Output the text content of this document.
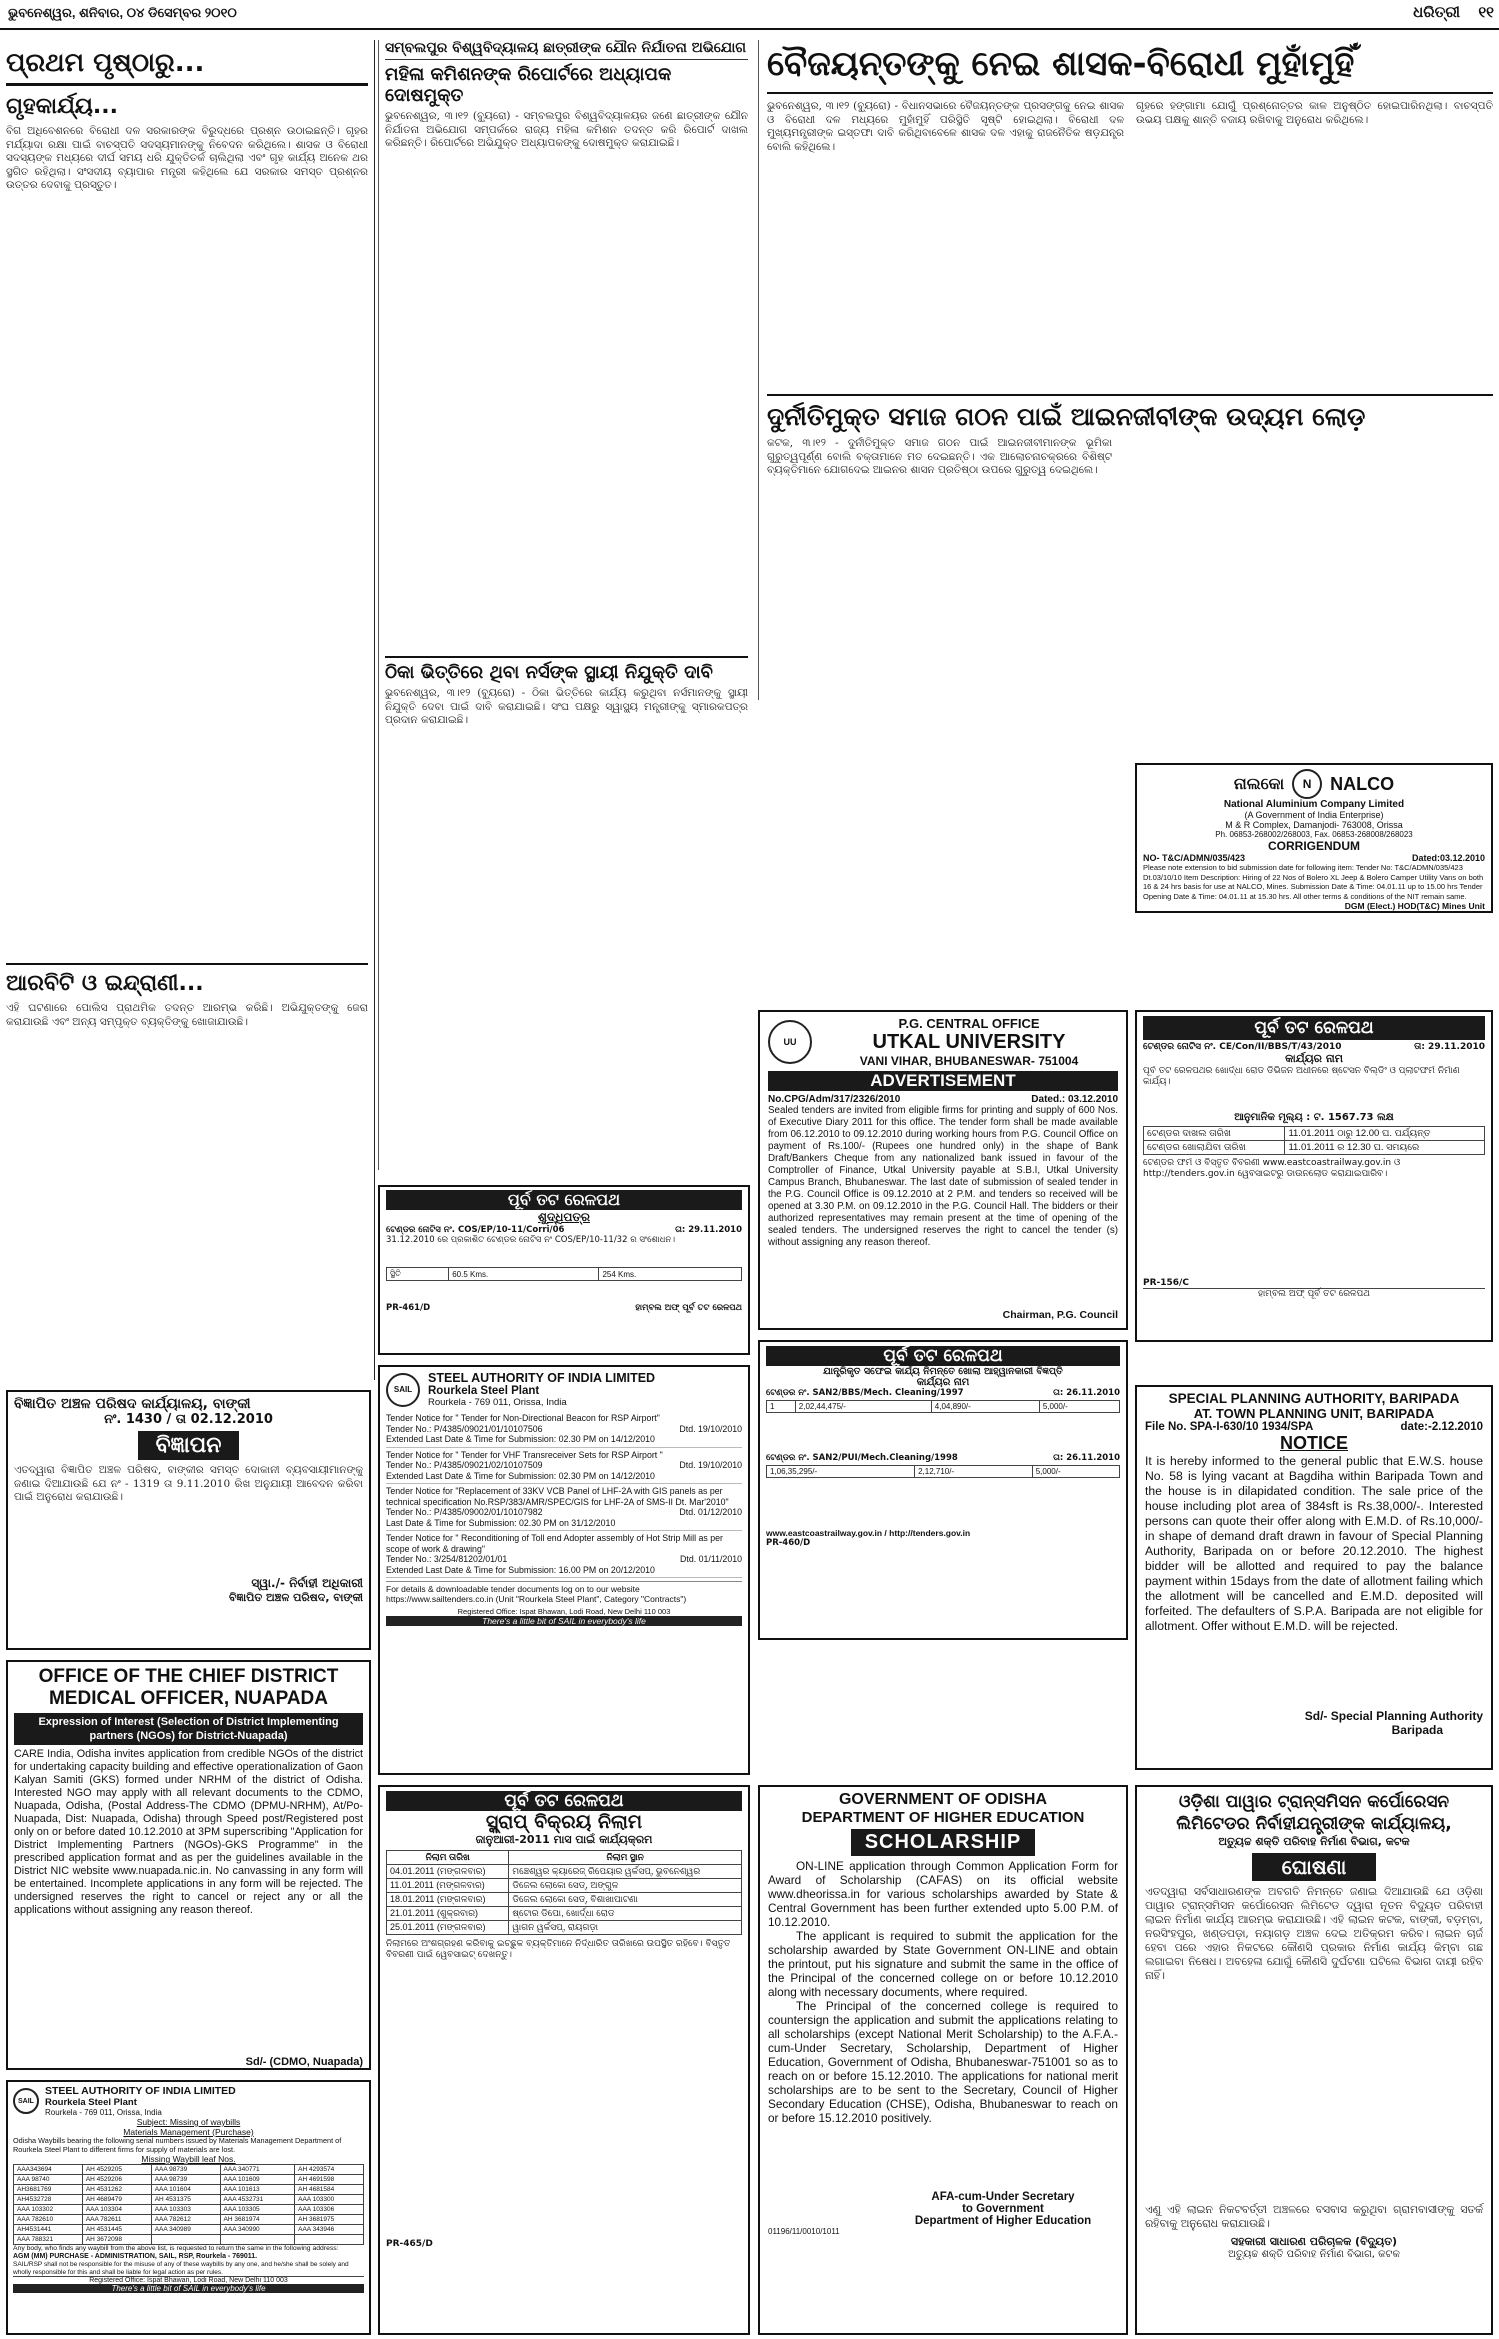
ଭୁବନେଶ୍ୱର, ଶନିବାର, ୦୪ ଡିସେମ୍ବର ୨୦୧୦	ଧରିତ୍ରୀ	୧୧
ପ୍ରଥମ ପୃଷ୍ଠାରୁ...
ଗୃହକାର୍ଯ୍ୟ...
ବିଗ ଅଧିବେଶନରେ ବିରୋଧୀ ଦଳ ସରକାରଙ୍କ ବିରୁଦ୍ଧରେ ପ୍ରଶ୍ନ ଉଠାଇଛନ୍ତି। ଗୃହର ମର୍ଯ୍ୟାଦା ରକ୍ଷା ପାଇଁ ବାଚସ୍ପତି ସଦସ୍ୟମାନଙ୍କୁ ନିବେଦନ କରିଥିଲେ। ଶାସକ ଓ ବିରୋଧୀ ସଦସ୍ୟଙ୍କ ମଧ୍ୟରେ ଦୀର୍ଘ ସମୟ ଧରି ଯୁକ୍ତିତର୍କ ଚାଲିଥିଲା ଏବଂ ଗୃହ କାର୍ଯ୍ୟ ଅନେକ ଥର ସ୍ଥଗିତ ରହିଥିଲା। ସଂସଦୀୟ ବ୍ୟାପାର ମନ୍ତ୍ରୀ କହିଥିଲେ ଯେ ସରକାର ସମସ୍ତ ପ୍ରଶ୍ନର ଉତ୍ତର ଦେବାକୁ ପ୍ରସ୍ତୁତ।
ଆରବିଟି ଓ ଇନ୍ଦ୍ରାଣୀ...
ଏହି ଘଟଣାରେ ପୋଲିସ ପ୍ରାଥମିକ ତଦନ୍ତ ଆରମ୍ଭ କରିଛି। ଅଭିଯୁକ୍ତଙ୍କୁ ଜେରା କରାଯାଉଛି ଏବଂ ଅନ୍ୟ ସମ୍ପୃକ୍ତ ବ୍ୟକ୍ତିଙ୍କୁ ଖୋଜାଯାଉଛି।
ସମ୍ବଲପୁର ବିଶ୍ୱବିଦ୍ୟାଳୟ ଛାତ୍ରୀଙ୍କ ଯୌନ ନିର୍ଯାତନା ଅଭିଯୋଗ
ମହିଳା କମିଶନଙ୍କ ରିପୋର୍ଟରେ ଅଧ୍ୟାପକ ଦୋଷମୁକ୍ତ
ଭୁବନେଶ୍ୱର, ୩।୧୨ (ବ୍ୟୁରୋ) - ସମ୍ବଲପୁର ବିଶ୍ୱବିଦ୍ୟାଳୟର ଜଣେ ଛାତ୍ରୀଙ୍କ ଯୌନ ନିର୍ଯାତନା ଅଭିଯୋଗ ସମ୍ପର୍କରେ ରାଜ୍ୟ ମହିଳା କମିଶନ ତଦନ୍ତ କରି ରିପୋର୍ଟ ଦାଖଲ କରିଛନ୍ତି। ରିପୋର୍ଟରେ ଅଭିଯୁକ୍ତ ଅଧ୍ୟାପକଙ୍କୁ ଦୋଷମୁକ୍ତ କରାଯାଇଛି।
ଠିକା ଭିତ୍ତିରେ ଥିବା ନର୍ସଙ୍କ ସ୍ଥାୟୀ ନିଯୁକ୍ତି ଦାବି
ଭୁବନେଶ୍ୱର, ୩।୧୨ (ବ୍ୟୁରୋ) - ଠିକା ଭିତ୍ତିରେ କାର୍ଯ୍ୟ କରୁଥିବା ନର୍ସମାନଙ୍କୁ ସ୍ଥାୟୀ ନିଯୁକ୍ତି ଦେବା ପାଇଁ ଦାବି କରାଯାଇଛି। ସଂଘ ପକ୍ଷରୁ ସ୍ୱାସ୍ଥ୍ୟ ମନ୍ତ୍ରୀଙ୍କୁ ସ୍ମାରକପତ୍ର ପ୍ରଦାନ କରାଯାଇଛି।
ବୈଜୟନ୍ତଙ୍କୁ ନେଇ ଶାସକ-ବିରୋଧୀ ମୁହାଁମୁହିଁ
ଭୁବନେଶ୍ୱର, ୩।୧୨ (ବ୍ୟୁରୋ) - ବିଧାନସଭାରେ ବୈଜୟନ୍ତଙ୍କ ପ୍ରସଙ୍ଗକୁ ନେଇ ଶାସକ ଓ ବିରୋଧୀ ଦଳ ମଧ୍ୟରେ ମୁହାଁମୁହିଁ ପରିସ୍ଥିତି ସୃଷ୍ଟି ହୋଇଥିଲା। ବିରୋଧୀ ଦଳ ମୁଖ୍ୟମନ୍ତ୍ରୀଙ୍କ ଇସ୍ତଫା ଦାବି କରିଥିବାବେଳେ ଶାସକ ଦଳ ଏହାକୁ ରାଜନୈତିକ ଷଡ଼ଯନ୍ତ୍ର ବୋଲି କହିଥିଲେ।
ଗୃହରେ ହଙ୍ଗାମା ଯୋଗୁଁ ପ୍ରଶ୍ନୋତ୍ତର କାଳ ଅନୁଷ୍ଠିତ ହୋଇପାରିନଥିଲା। ବାଚସ୍ପତି ଉଭୟ ପକ୍ଷକୁ ଶାନ୍ତି ବଜାୟ ରଖିବାକୁ ଅନୁରୋଧ କରିଥିଲେ।
ଦୁର୍ନୀତିମୁକ୍ତ ସମାଜ ଗଠନ ପାଇଁ ଆଇନଜୀବୀଙ୍କ ଉଦ୍ୟମ ଲୋଡ଼
କଟକ, ୩।୧୨ - ଦୁର୍ନୀତିମୁକ୍ତ ସମାଜ ଗଠନ ପାଇଁ ଆଇନଜୀବୀମାନଙ୍କ ଭୂମିକା ଗୁରୁତ୍ୱପୂର୍ଣ୍ଣ ବୋଲି ବକ୍ତାମାନେ ମତ ଦେଇଛନ୍ତି। ଏକ ଆଲୋଚନାଚକ୍ରରେ ବିଶିଷ୍ଟ ବ୍ୟକ୍ତିମାନେ ଯୋଗଦେଇ ଆଇନର ଶାସନ ପ୍ରତିଷ୍ଠା ଉପରେ ଗୁରୁତ୍ୱ ଦେଇଥିଲେ।
ନାଲକୋ	N	NALCO
National Aluminium Company Limited
(A Government of India Enterprise)
M & R Complex, Damanjodi- 763008, Orissa
Ph. 06853-268002/268003, Fax. 06853-268008/268023
CORRIGENDUM
NO- T&C/ADMN/035/423	Dated:03.12.2010
Please note extension to bid submission date for following item: Tender No: T&C/ADMN/035/423 Dt.03/10/10 Item Description: Hiring of 22 Nos of Bolero XL Jeep & Bolero Camper Utility Vans on both 16 & 24 hrs basis for use at NALCO, Mines. Submission Date & Time: 04.01.11 up to 15.00 hrs Tender Opening Date & Time: 04.01.11 at 15.30 hrs. All other terms & conditions of the NIT remain same.
DGM (Elect.) HOD(T&C) Mines Unit
UU
P.G. CENTRAL OFFICE
UTKAL UNIVERSITY
VANI VIHAR, BHUBANESWAR- 751004
ADVERTISEMENT
No.CPG/Adm/317/2326/2010	Dated.: 03.12.2010
Sealed tenders are invited from eligible firms for printing and supply of 600 Nos. of Executive Diary 2011 for this office. The tender form shall be made available from 06.12.2010 to 09.12.2010 during working hours from P.G. Council Office on payment of Rs.100/- (Rupees one hundred only) in the shape of Bank Draft/Bankers Cheque from any nationalized bank issued in favour of the Comptroller of Finance, Utkal University payable at S.B.I, Utkal University Campus Branch, Bhubaneswar. The last date of submission of sealed tender in the P.G. Council Office is 09.12.2010 at 2 P.M. and tenders so received will be opened at 3.30 P.M. on 09.12.2010 in the P.G. Council Hall. The bidders or their authorized representatives may remain present at the time of opening of the sealed tenders. The undersigned reserves the right to cancel the tender (s) without assigning any reason thereof.
Chairman, P.G. Council
ପୂର୍ବ ତଟ ରେଳପଥ
ଟେଣ୍ଡର ନୋଟିସ ନଂ. CE/Con/II/BBS/T/43/2010	ତା: 29.11.2010
କାର୍ଯ୍ୟର ନାମ
ପୂର୍ବ ତଟ ରେଳପଥର ଖୋର୍ଦ୍ଧା ରୋଡ ଡିଭିଜନ ଅଧୀନରେ ଷ୍ଟେସନ ବିଲ୍ଡିଂ ଓ ପ୍ଲାଟଫର୍ମ ନିର୍ମାଣ କାର୍ଯ୍ୟ।
ଆନୁମାନିକ ମୂଲ୍ୟ : ଟ. 1567.73 ଲକ୍ଷ
ଟେଣ୍ଡର ଦାଖଲ ତାରିଖ	11.01.2011 ଠାରୁ 12.00 ଘ. ପର୍ଯ୍ୟନ୍ତ
ଟେଣ୍ଡର ଖୋଲାଯିବା ତାରିଖ	11.01.2011 ର 12.30 ଘ. ସମୟରେ
ଟେଣ୍ଡର ଫର୍ମ ଓ ବିସ୍ତୃତ ବିବରଣୀ www.eastcoastrailway.gov.in ଓ http://tenders.gov.in ୱେବସାଇଟରୁ ଡାଉନଲୋଡ କରାଯାଇପାରିବ।
PR-156/C
ହାମ୍ବଲ ଅଫ୍ ପୂର୍ବ ତଟ ରେଳପଥ
ବିଜ୍ଞାପିତ ଅଞ୍ଚଳ ପରିଷଦ କାର୍ଯ୍ୟାଳୟ, ବାଙ୍କୀ
ନଂ. 1430 / ତା 02.12.2010
ବିଜ୍ଞାପନ
ଏତଦ୍ୱାରା ବିଜ୍ଞାପିତ ଅଞ୍ଚଳ ପରିଷଦ, ବାଙ୍କୀର ସମସ୍ତ ଦୋକାନୀ ବ୍ୟବସାୟୀମାନଙ୍କୁ ଜଣାଇ ଦିଆଯାଉଛି ଯେ ନଂ - 1319 ତା 9.11.2010 ରିଖ ଅନୁଯାୟୀ ଆବେଦନ କରିବା ପାଇଁ ଅନୁରୋଧ କରାଯାଉଛି।
ସ୍ୱା./- ନିର୍ବାହୀ ଅଧିକାରୀ
ବିଜ୍ଞାପିତ ଅଞ୍ଚଳ ପରିଷଦ, ବାଙ୍କୀ
OFFICE OF THE CHIEF DISTRICT MEDICAL OFFICER, NUAPADA
Expression of Interest (Selection of District Implementing partners (NGOs) for District-Nuapada)
CARE India, Odisha invites application from credible NGOs of the district for undertaking capacity building and effective operationalization of Gaon Kalyan Samiti (GKS) formed under NRHM of the district of Odisha. Interested NGO may apply with all relevant documents to the CDMO, Nuapada, Odisha, (Postal Address-The CDMO (DPMU-NRHM), At/Po-Nuapada, Dist: Nuapada, Odisha) through Speed post/Registered post only on or before dated 10.12.2010 at 3PM superscribing "Application for District Implementing Partners (NGOs)-GKS Programme" in the prescribed application format and as per the guidelines available in the District NIC website www.nuapada.nic.in. No canvassing in any form will be entertained. Incomplete applications in any form will be rejected. The undersigned reserves the right to cancel or reject any or all the applications without assigning any reason thereof.
Sd/- (CDMO, Nuapada)
SAIL
STEEL AUTHORITY OF INDIA LIMITED
Rourkela Steel Plant
Rourkela - 769 011, Orissa, India
Subject: Missing of waybills
Materials Management (Purchase)
Odisha Waybills bearing the following serial numbers issued by Materials Management Department of Rourkela Steel Plant to different firms for supply of materials are lost.
Missing Waybill leaf Nos.
AAA343694	AH 4529205	AAA 98739	AAA 340771	AH 4293574
AAA 98740	AH 4529206	AAA 98739	AAA 101609	AH 4691598
AH3681769	AH 4531262	AAA 101604	AAA 101613	AH 4681584
AH4532728	AH 4689479	AH 4531375	AAA 4532731	AAA 103300
AAA 103302	AAA 103304	AAA 103303	AAA 103305	AAA 103306
AAA 782610	AAA 782611	AAA 782612	AH 3681974	AH 3681975
AH4531441	AH 4531445	AAA 340989	AAA 340990	AAA 343946
AAA 788321	AH 3672098			
Any body, who finds any waybill from the above list, is requested to return the same in the following address:
AGM (MM) PURCHASE - ADMINISTRATION, SAIL, RSP, Rourkela - 769011.
SAIL/RSP shall not be responsible for the misuse of any of these waybills by any one, and he/she shall be solely and wholly responsible for this and shall be liable for legal action as per rules.
Registered Office: Ispat Bhawan, Lodi Road, New Delhi 110 003
There's a little bit of SAIL in everybody's life
ପୂର୍ବ ତଟ ରେଳପଥ
ଶୁଦ୍ଧିପତ୍ର
ଟେଣ୍ଡର ନୋଟିସ ନଂ. COS/EP/10-11/Corri/06	ତା: 29.11.2010
31.12.2010 ରେ ପ୍ରକାଶିତ ଟେଣ୍ଡର ନୋଟିସ ନଂ COS/EP/10-11/32 ର ସଂଶୋଧନ।
ସ୍ଥିତି	60.5 Kms.	254 Kms.
PR-461/D	ହାମ୍ବଲ ଅଫ୍ ପୂର୍ବ ତଟ ରେଳପଥ
SAIL
STEEL AUTHORITY OF INDIA LIMITED
Rourkela Steel Plant
Rourkela - 769 011, Orissa, India
Tender Notice for " Tender for Non-Directional Beacon for RSP Airport"
Tender No.: P/4385/09021/01/10107506	Dtd. 19/10/2010
Extended Last Date & Time for Submission: 02.30 PM on 14/12/2010
Tender Notice for " Tender for VHF Transreceiver Sets for RSP Airport "
Tender No.: P/4385/09021/02/10107509	Dtd. 19/10/2010
Extended Last Date & Time for Submission: 02.30 PM on 14/12/2010
Tender Notice for "Replacement of 33KV VCB Panel of LHF-2A with GIS panels as per technical specification No.RSP/383/AMR/SPEC/GIS for LHF-2A of SMS-II Dt. Mar'2010"
Tender No.: P/4385/09002/01/10107982	Dtd. 01/12/2010
Last Date & Time for Submission: 02.30 PM on 31/12/2010
Tender Notice for " Reconditioning of Toll end Adopter assembly of Hot Strip Mill as per scope of work & drawing"
Tender No.: 3/254/81202/01/01	Dtd. 01/11/2010
Extended Last Date & Time for Submission: 16.00 PM on 20/12/2010
For details & downloadable tender documents log on to our website https://www.sailtenders.co.in (Unit "Rourkela Steel Plant", Category "Contracts")
Registered Office: Ispat Bhawan, Lodi Road, New Delhi 110 003
There's a little bit of SAIL in everybody's life
ପୂର୍ବ ତଟ ରେଳପଥ
ସ୍କ୍ରାପ୍ ବିକ୍ରୟ ନିଲାମ
ଜାନୁଆରୀ-2011 ମାସ ପାଇଁ କାର୍ଯ୍ୟକ୍ରମ
ନିଲାମ ତାରିଖ	ନିଲାମ ସ୍ଥାନ
04.01.2011 (ମଙ୍ଗଳବାର)	ମଞ୍ଚେଶ୍ୱର କ୍ୟାରେଜ୍ ରିପେୟାର ୱର୍କସପ୍, ଭୁବନେଶ୍ୱର
11.01.2011 (ମଙ୍ଗଳବାର)	ଡିଜେଲ ଲୋକୋ ସେଡ୍, ଅଙ୍ଗୁଳ
18.01.2011 (ମଙ୍ଗଳବାର)	ଡିଜେଲ ଲୋକୋ ସେଡ୍, ବିଶାଖାପାଟଣା
21.01.2011 (ଶୁକ୍ରବାର)	ଷ୍ଟୋର ଡିପୋ, ଖୋର୍ଦ୍ଧା ରୋଡ
25.01.2011 (ମଙ୍ଗଳବାର)	ୱାଗନ ୱର୍କସପ୍, ରାୟଗଡ଼ା
ନିଲାମରେ ଅଂଶଗ୍ରହଣ କରିବାକୁ ଇଚ୍ଛୁକ ବ୍ୟକ୍ତିମାନେ ନିର୍ଦ୍ଧାରିତ ତାରିଖରେ ଉପସ୍ଥିତ ରହିବେ। ବିସ୍ତୃତ ବିବରଣୀ ପାଇଁ ୱେବସାଇଟ୍ ଦେଖନ୍ତୁ।
PR-465/D
ପୂର୍ବ ତଟ ରେଳପଥ
ଯାନ୍ତ୍ରିକୃତ ସଫେଇ କାର୍ଯ୍ୟ ନିମନ୍ତେ ଖୋଲା ଆହ୍ୱାନକାରୀ ବିଜ୍ଞପ୍ତି
କାର୍ଯ୍ୟର ନାମ
ଟେଣ୍ଡର ନଂ. SAN2/BBS/Mech. Cleaning/1997	ତା: 26.11.2010
1	2,02,44,475/-	4,04,890/-	5,000/-
ଟେଣ୍ଡର ନଂ. SAN2/PUI/Mech.Cleaning/1998	ତା: 26.11.2010
1,06,35,295/-	2,12,710/-	5,000/-
www.eastcoastrailway.gov.in / http://tenders.gov.in
PR-460/D
SPECIAL PLANNING AUTHORITY, BARIPADA
AT. TOWN PLANNING UNIT, BARIPADA
File No. SPA-I-630/10 1934/SPA	date:-2.12.2010
NOTICE
It is hereby informed to the general public that E.W.S. house No. 58 is lying vacant at Bagdiha within Baripada Town and the house is in dilapidated condition. The sale price of the house including plot area of 384sft is Rs.38,000/-. Interested persons can quote their offer along with E.M.D. of Rs.10,000/- in shape of demand draft drawn in favour of Special Planning Authority, Baripada on or before 20.12.2010. The highest bidder will be allotted and required to pay the balance payment within 15days from the date of allotment failing which the allotment will be cancelled and E.M.D. deposited will forfeited. The defaulters of S.P.A. Baripada are not eligible for allotment. Offer without E.M.D. will be rejected.
Sd/- Special Planning Authority
Baripada
GOVERNMENT OF ODISHA
DEPARTMENT OF HIGHER EDUCATION
SCHOLARSHIP
ON-LINE application through Common Application Form for Award of Scholarship (CAFAS) on its official website www.dheorissa.in for various scholarships awarded by State & Central Government has been further extended upto 5.00 P.M. of 10.12.2010.
The applicant is required to submit the application for the scholarship awarded by State Government ON-LINE and obtain the printout, put his signature and submit the same in the office of the Principal of the concerned college on or before 10.12.2010 along with necessary documents, where required.
The Principal of the concerned college is required to countersign the application and submit the applications relating to all scholarships (except National Merit Scholarship) to the A.F.A.-cum-Under Secretary, Scholarship, Department of Higher Education, Government of Odisha, Bhubaneswar-751001 so as to reach on or before 15.12.2010. The applications for national merit scholarships are to be sent to the Secretary, Council of Higher Secondary Education (CHSE), Odisha, Bhubaneswar to reach on or before 15.12.2010 positively.
AFA-cum-Under Secretary
to Government
Department of Higher Education
01196/11/0010/1011
ଓଡ଼ିଶା ପାୱାର ଟ୍ରାନ୍ସମିସନ କର୍ପୋରେସନ ଲିମିଟେଡର ନିର୍ବାହୀଯନ୍ତ୍ରୀଙ୍କ କାର୍ଯ୍ୟାଳୟ,
ଅତ୍ୟୁଚ୍ଚ ଶକ୍ତି ପରିବାହ ନିର୍ମାଣ ବିଭାଗ, କଟକ
ଘୋଷଣା
ଏତଦ୍ୱାରା ସର୍ବସାଧାରଣଙ୍କ ଅବଗତି ନିମନ୍ତେ ଜଣାଇ ଦିଆଯାଉଛି ଯେ ଓଡ଼ିଶା ପାୱାର ଟ୍ରାନ୍ସମିସନ କର୍ପୋରେସନ ଲିମିଟେଡ ଦ୍ୱାରା ନୂତନ ବିଦ୍ୟୁତ ପରିବାହୀ ଲାଇନ ନିର୍ମାଣ କାର୍ଯ୍ୟ ଆରମ୍ଭ କରାଯାଉଛି। ଏହି ଲାଇନ କଟକ, ବାଙ୍କୀ, ବଡ଼ମ୍ବା, ନରସିଂହପୁର, ଖଣ୍ଡପଡ଼ା, ନୟାଗଡ଼ ଅଞ୍ଚଳ ଦେଇ ଅତିକ୍ରମ କରିବ। ଲାଇନ ଚାର୍ଜ ହେବା ପରେ ଏହାର ନିକଟରେ କୌଣସି ପ୍ରକାର ନିର୍ମାଣ କାର୍ଯ୍ୟ କିମ୍ବା ଗଛ ଲଗାଇବା ନିଷେଧ। ଅବହେଳା ଯୋଗୁଁ କୌଣସି ଦୁର୍ଘଟଣା ଘଟିଲେ ବିଭାଗ ଦାୟୀ ରହିବ ନାହିଁ।
ଏଣୁ ଏହି ଲାଇନ ନିକଟବର୍ତ୍ତୀ ଅଞ୍ଚଳରେ ବସବାସ କରୁଥିବା ଗ୍ରାମବାସୀଙ୍କୁ ସତର୍କ ରହିବାକୁ ଅନୁରୋଧ କରାଯାଉଛି।
ସହକାରୀ ସାଧାରଣ ପରିଚାଳକ (ବିଦ୍ୟୁତ)
ଅତ୍ୟୁଚ୍ଚ ଶକ୍ତି ପରିବାହ ନିର୍ମାଣ ବିଭାଗ, କଟକ
